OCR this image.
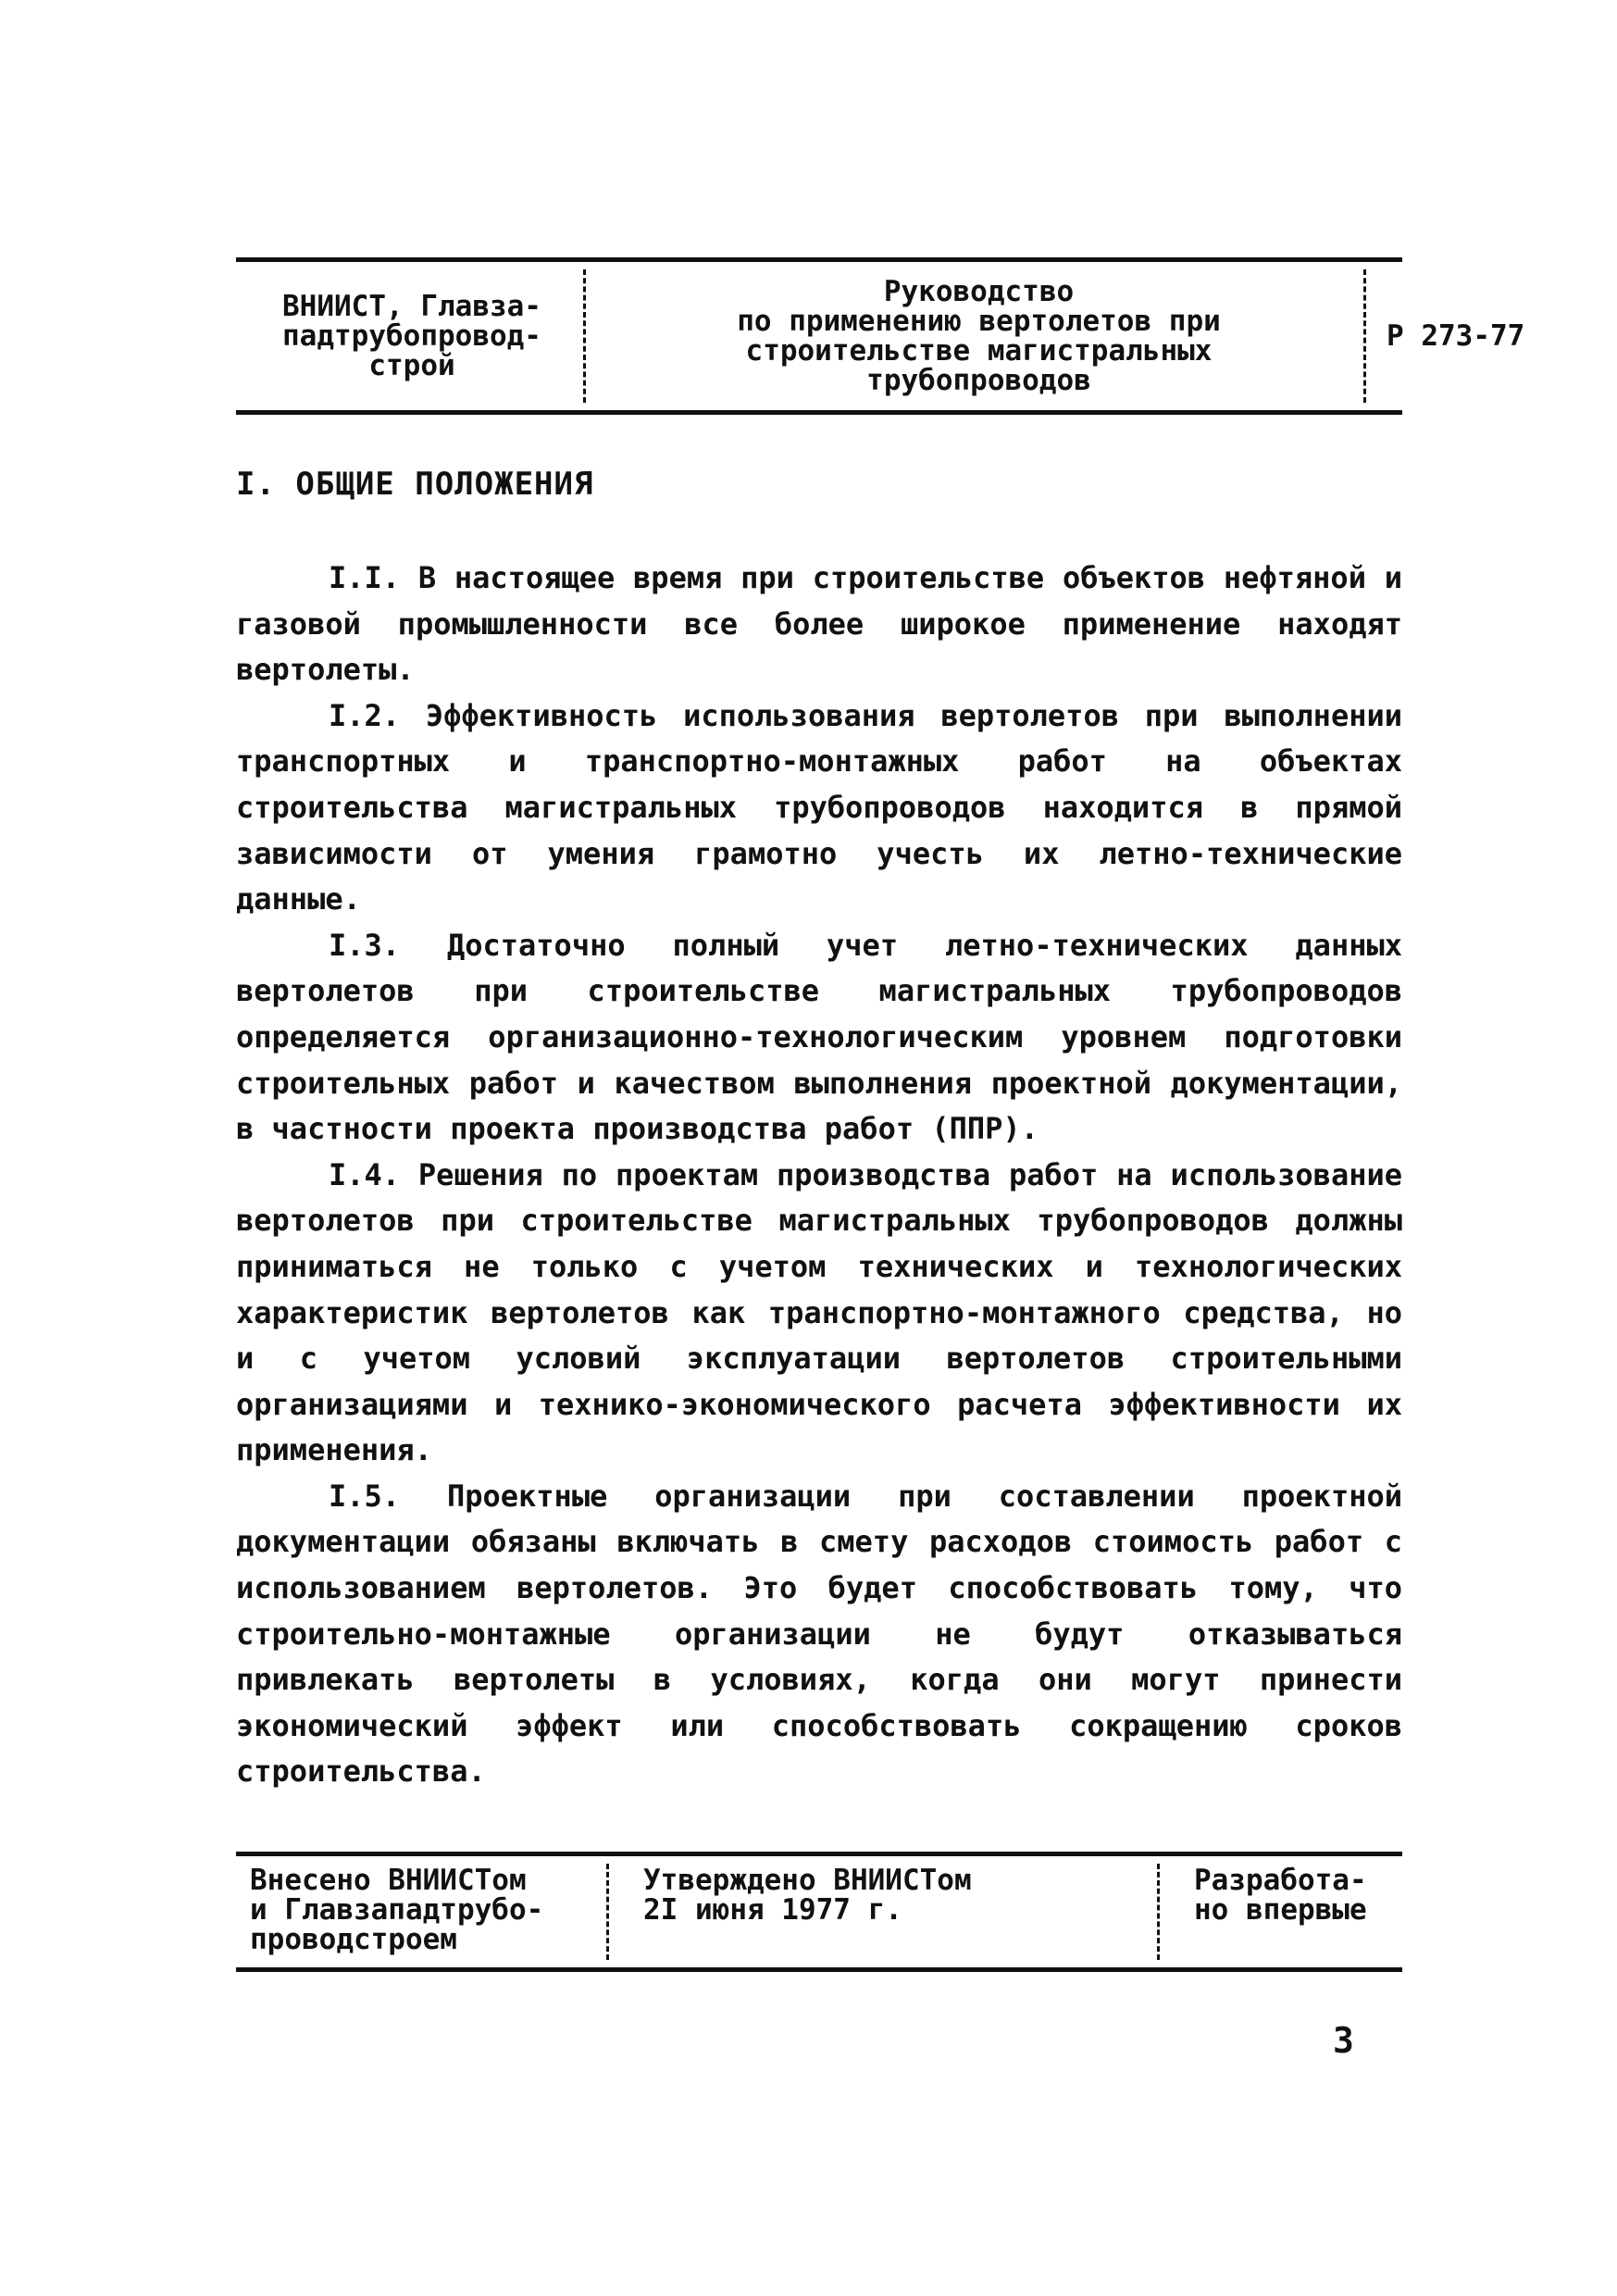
ВНИИСТ, Главза-
падтрубопровод-
строй
Руководство
по применению вертолетов при
строительстве магистральных
трубопроводов
Р 273-77
I. ОБЩИЕ ПОЛОЖЕНИЯ

I.I. В настоящее время при строительстве объектов нефтяной и газовой промышленности все более широкое применение находят вертолеты.

I.2. Эффективность использования вертолетов при выполнении транспортных и транспортно-монтажных работ на объектах строительства магистральных трубопроводов находится в прямой зависимости от умения грамотно учесть их летно-технические данные.

I.3. Достаточно полный учет летно-технических данных вертолетов при строительстве магистральных трубопроводов определяется организационно-технологическим уровнем подготовки строительных работ и качеством выполнения проектной документации, в частности проекта производства работ (ППР).

I.4. Решения по проектам производства работ на использование вертолетов при строительстве магистральных трубопроводов должны приниматься не только с учетом технических и технологических характеристик вертолетов как транспортно-монтажного средства, но и с учетом условий эксплуатации вертолетов строительными организациями и технико-экономического расчета эффективности их применения.

I.5. Проектные организации при составлении проектной документации обязаны включать в смету расходов стоимость работ с использованием вертолетов. Это будет способствовать тому, что строительно-монтажные организации не будут отказываться привлекать вертолеты в условиях, когда они могут принести экономический эффект или способствовать сокращению сроков строительства.

Внесено ВНИИСТом
и Главзападтрубо-
проводстроем
Утверждено ВНИИСТом
2I июня 1977 г.
Разработа-
но впервые
3
